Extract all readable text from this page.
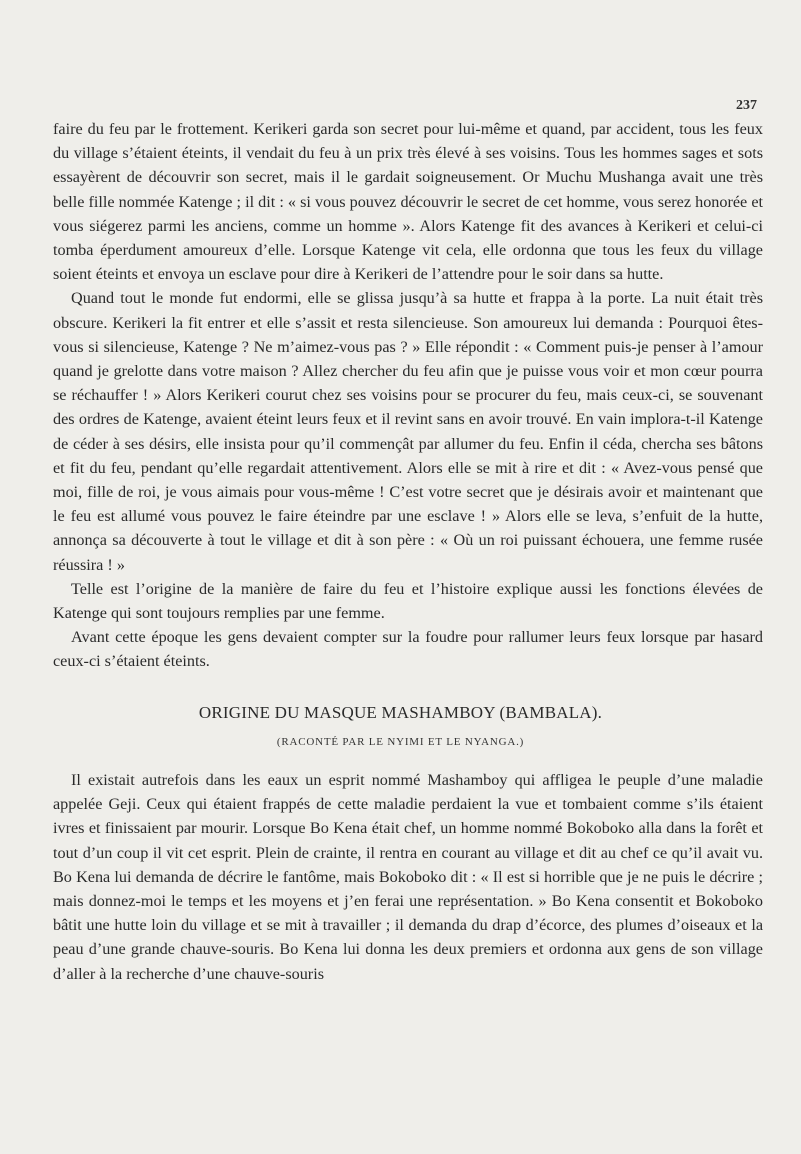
237

faire du feu par le frottement. Kerikeri garda son secret pour lui-même et quand, par accident, tous les feux du village s’étaient éteints, il vendait du feu à un prix très élevé à ses voisins. Tous les hommes sages et sots essayèrent de découvrir son secret, mais il le gardait soigneusement. Or Muchu Mushanga avait une très belle fille nommée Katenge ; il dit : « si vous pouvez découvrir le secret de cet homme, vous serez honorée et vous siégerez parmi les anciens, comme un homme ». Alors Katenge fit des avances à Kerikeri et celui-ci tomba éperdument amoureux d’elle. Lorsque Katenge vit cela, elle ordonna que tous les feux du village soient éteints et envoya un esclave pour dire à Kerikeri de l’attendre pour le soir dans sa hutte.

Quand tout le monde fut endormi, elle se glissa jusqu’à sa hutte et frappa à la porte. La nuit était très obscure. Kerikeri la fit entrer et elle s’assit et resta silencieuse. Son amoureux lui demanda : Pourquoi êtes-vous si silencieuse, Katenge ? Ne m’aimez-vous pas ? » Elle répondit : « Comment puis-je penser à l’amour quand je grelotte dans votre maison ? Allez chercher du feu afin que je puisse vous voir et mon cœur pourra se réchauffer ! » Alors Kerikeri courut chez ses voisins pour se procurer du feu, mais ceux-ci, se souvenant des ordres de Katenge, avaient éteint leurs feux et il revint sans en avoir trouvé. En vain implora-t-il Katenge de céder à ses désirs, elle insista pour qu’il commençât par allumer du feu. Enfin il céda, chercha ses bâtons et fit du feu, pendant qu’elle regardait attentivement. Alors elle se mit à rire et dit : « Avez-vous pensé que moi, fille de roi, je vous aimais pour vous-même ! C’est votre secret que je désirais avoir et maintenant que le feu est allumé vous pouvez le faire éteindre par une esclave ! » Alors elle se leva, s’enfuit de la hutte, annonça sa découverte à tout le village et dit à son père : « Où un roi puissant échouera, une femme rusée réussira ! »

Telle est l’origine de la manière de faire du feu et l’histoire explique aussi les fonctions élevées de Katenge qui sont toujours remplies par une femme.

Avant cette époque les gens devaient compter sur la foudre pour rallumer leurs feux lorsque par hasard ceux-ci s’étaient éteints.

ORIGINE DU MASQUE MASHAMBOY (BAMBALA).
(RACONTÉ PAR LE NYIMI ET LE NYANGA.)

Il existait autrefois dans les eaux un esprit nommé Mashamboy qui affligea le peuple d’une maladie appelée Geji. Ceux qui étaient frappés de cette maladie perdaient la vue et tombaient comme s’ils étaient ivres et finissaient par mourir. Lorsque Bo Kena était chef, un homme nommé Bokoboko alla dans la forêt et tout d’un coup il vit cet esprit. Plein de crainte, il rentra en courant au village et dit au chef ce qu’il avait vu. Bo Kena lui demanda de décrire le fantôme, mais Bokoboko dit : « Il est si horrible que je ne puis le décrire ; mais donnez-moi le temps et les moyens et j’en ferai une représentation. » Bo Kena consentit et Bokoboko bâtit une hutte loin du village et se mit à travailler ; il demanda du drap d’écorce, des plumes d’oiseaux et la peau d’une grande chauve-souris. Bo Kena lui donna les deux premiers et ordonna aux gens de son village d’aller à la recherche d’une chauve-souris
